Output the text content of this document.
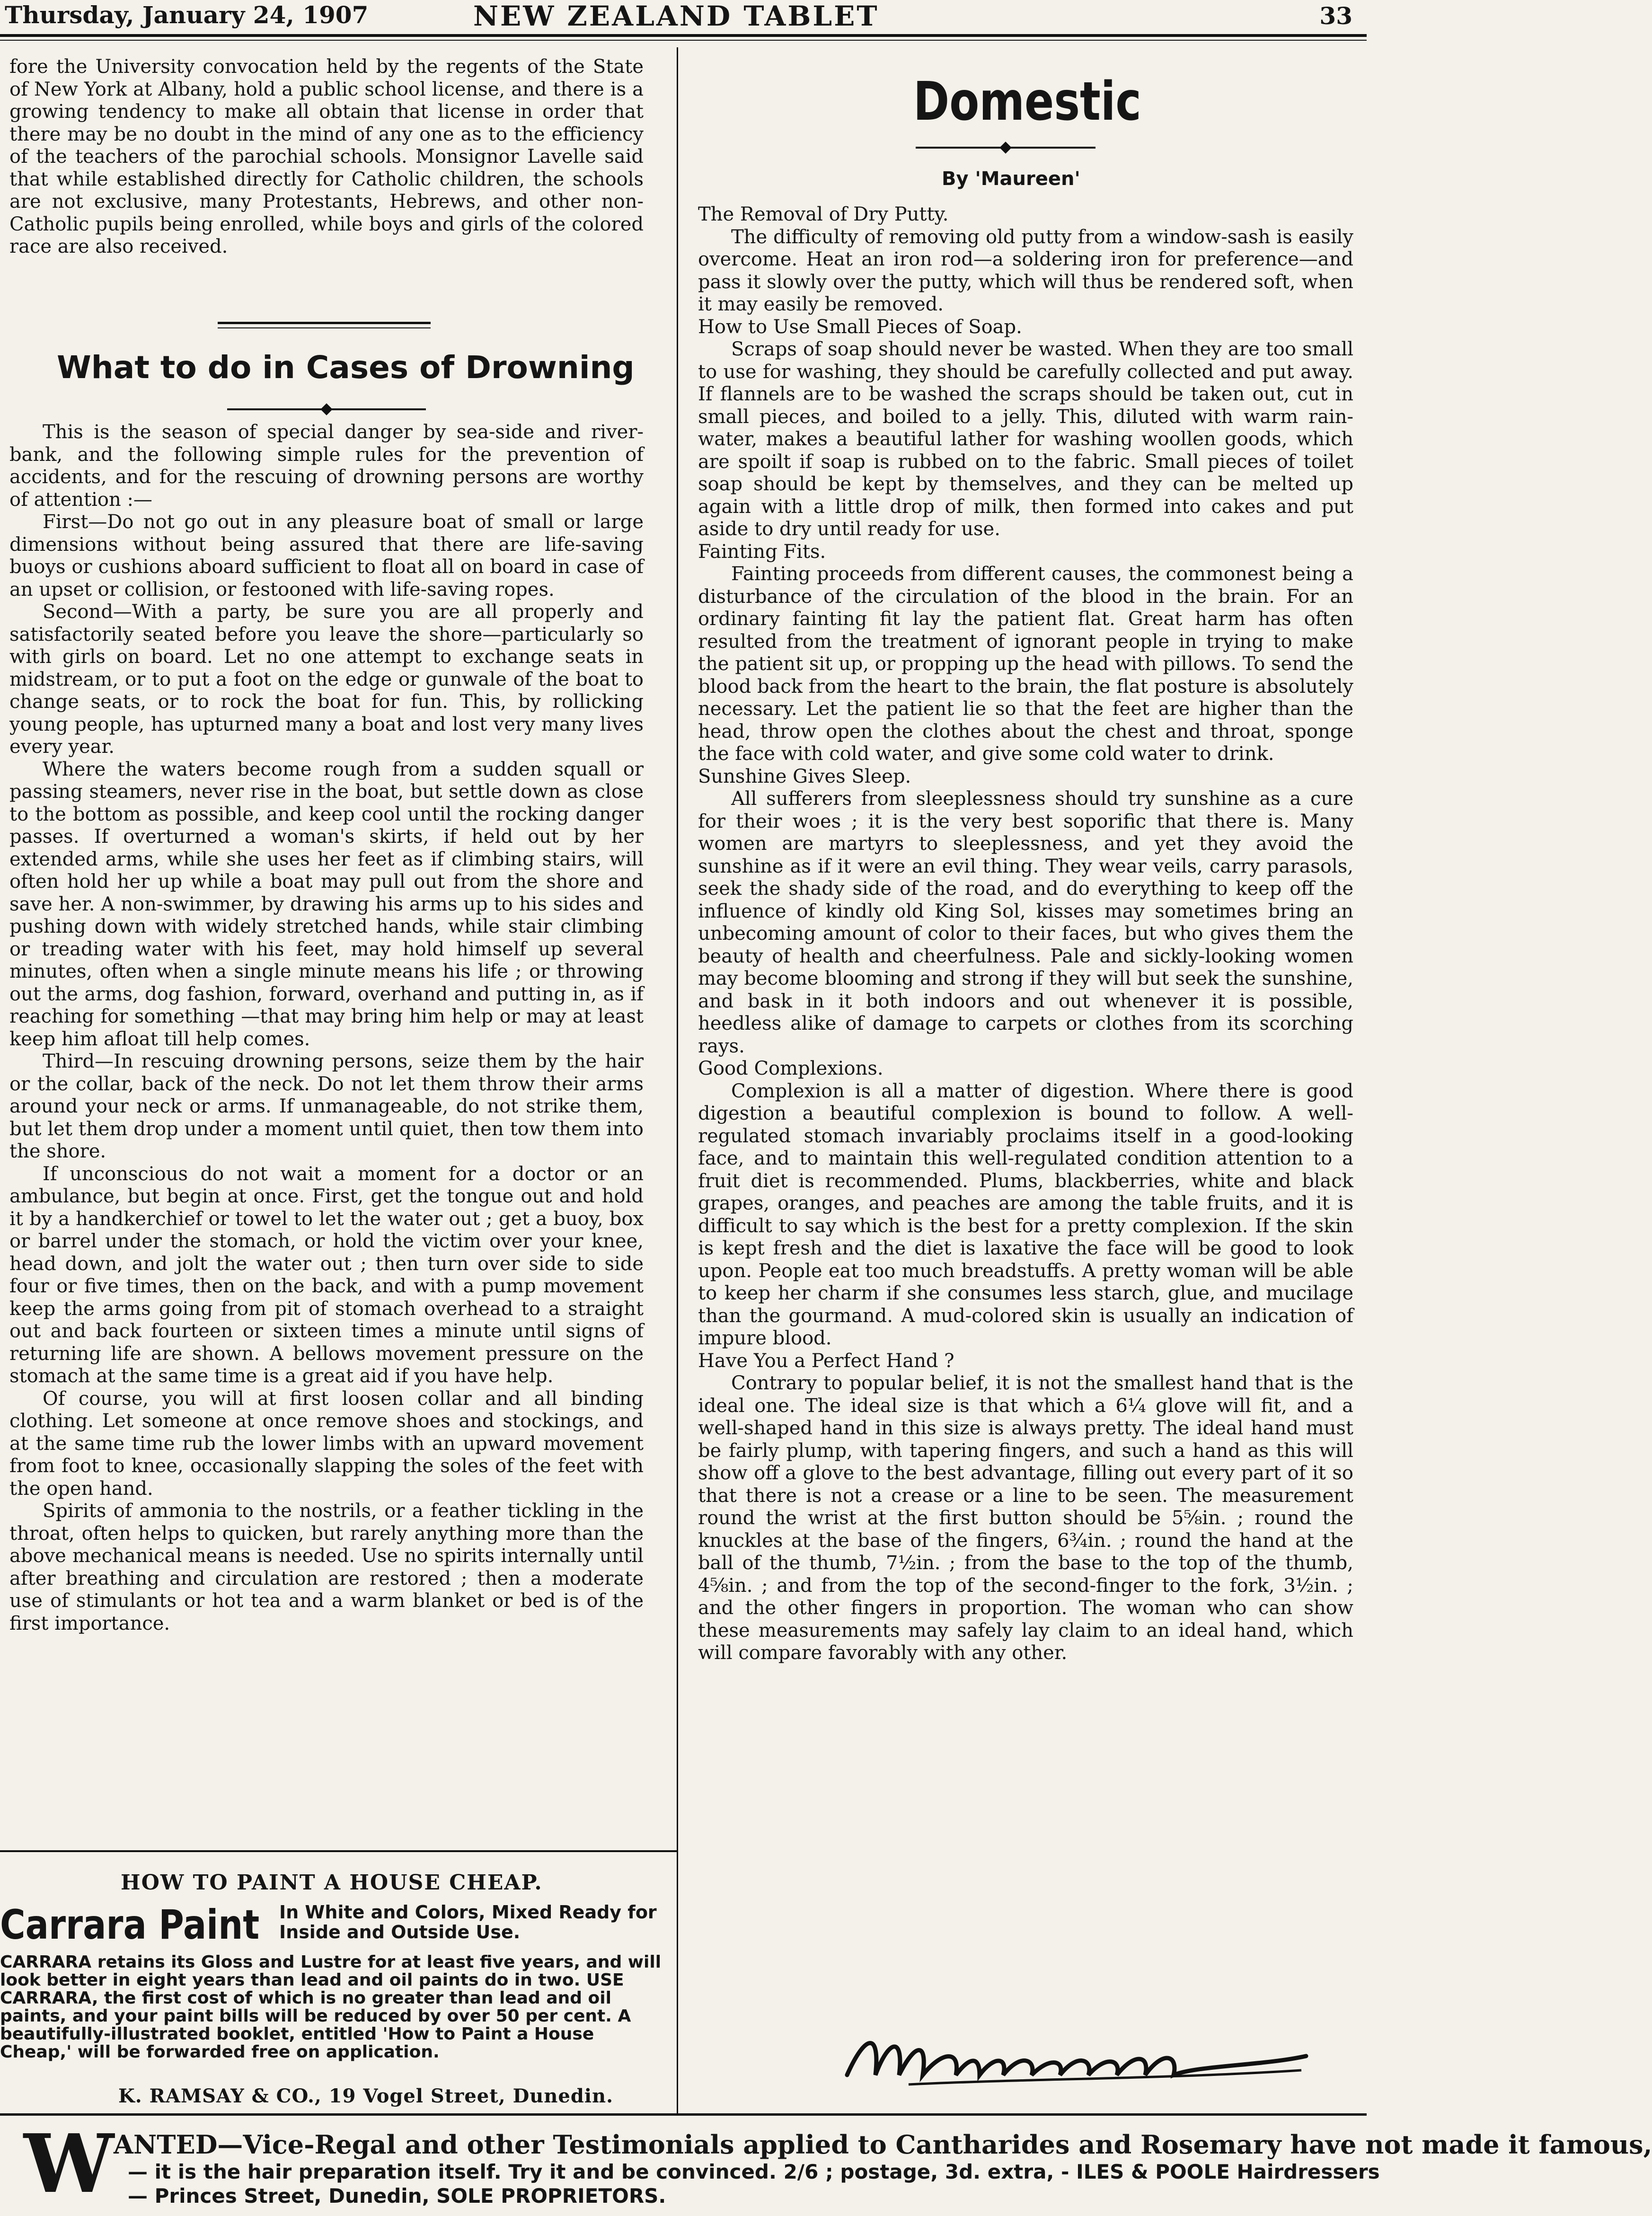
Thursday, January 24, 1907	NEW ZEALAND TABLET	33

fore the University convocation held by the regents of the State of New York at Albany, hold a public school license, and there is a growing tendency to make all obtain that license in order that there may be no doubt in the mind of any one as to the efficiency of the teachers of the parochial schools. Monsignor Lavelle said that while established directly for Catholic children, the schools are not exclusive, many Protestants, Hebrews, and other non-Catholic pupils being enrolled, while boys and girls of the colored race are also received.

What to do in Cases of Drowning

This is the season of special danger by sea-side and river-bank, and the following simple rules for the prevention of accidents, and for the rescuing of drowning persons are worthy of attention :—

First—Do not go out in any pleasure boat of small or large dimensions without being assured that there are life-saving buoys or cushions aboard sufficient to float all on board in case of an upset or collision, or festooned with life-saving ropes.

Second—With a party, be sure you are all properly and satisfactorily seated before you leave the shore—particularly so with girls on board. Let no one attempt to exchange seats in midstream, or to put a foot on the edge or gunwale of the boat to change seats, or to rock the boat for fun. This, by rollicking young people, has upturned many a boat and lost very many lives every year.

Where the waters become rough from a sudden squall or passing steamers, never rise in the boat, but settle down as close to the bottom as possible, and keep cool until the rocking danger passes. If overturned a woman's skirts, if held out by her extended arms, while she uses her feet as if climbing stairs, will often hold her up while a boat may pull out from the shore and save her. A non-swimmer, by drawing his arms up to his sides and pushing down with widely stretched hands, while stair climbing or treading water with his feet, may hold himself up several minutes, often when a single minute means his life ; or throwing out the arms, dog fashion, forward, overhand and putting in, as if reaching for something —that may bring him help or may at least keep him afloat till help comes.

Third—In rescuing drowning persons, seize them by the hair or the collar, back of the neck. Do not let them throw their arms around your neck or arms. If unmanageable, do not strike them, but let them drop under a moment until quiet, then tow them into the shore.

If unconscious do not wait a moment for a doctor or an ambulance, but begin at once. First, get the tongue out and hold it by a handkerchief or towel to let the water out ; get a buoy, box or barrel under the stomach, or hold the victim over your knee, head down, and jolt the water out ; then turn over side to side four or five times, then on the back, and with a pump movement keep the arms going from pit of stomach overhead to a straight out and back fourteen or sixteen times a minute until signs of returning life are shown. A bellows movement pressure on the stomach at the same time is a great aid if you have help.

Of course, you will at first loosen collar and all binding clothing. Let someone at once remove shoes and stockings, and at the same time rub the lower limbs with an upward movement from foot to knee, occasionally slapping the soles of the feet with the open hand.

Spirits of ammonia to the nostrils, or a feather tickling in the throat, often helps to quicken, but rarely anything more than the above mechanical means is needed. Use no spirits internally until after breathing and circulation are restored ; then a moderate use of stimulants or hot tea and a warm blanket or bed is of the first importance.

HOW TO PAINT A HOUSE CHEAP.
Carrara Paint In White and Colors, Mixed Ready for Inside and Outside Use.
CARRARA retains its Gloss and Lustre for at least five years, and will look better in eight years than lead and oil paints do in two. USE CARRARA, the first cost of which is no greater than lead and oil paints, and your paint bills will be reduced by over 50 per cent. A beautifully-illustrated booklet, entitled 'How to Paint a House Cheap,' will be forwarded free on application.
K. RAMSAY & CO., 19 Vogel Street, Dunedin.
Domestic
By 'Maureen'

The Removal of Dry Putty.

The difficulty of removing old putty from a window-sash is easily overcome. Heat an iron rod—a soldering iron for preference—and pass it slowly over the putty, which will thus be rendered soft, when it may easily be removed.

How to Use Small Pieces of Soap.

Scraps of soap should never be wasted. When they are too small to use for washing, they should be carefully collected and put away. If flannels are to be washed the scraps should be taken out, cut in small pieces, and boiled to a jelly. This, diluted with warm rain-water, makes a beautiful lather for washing woollen goods, which are spoilt if soap is rubbed on to the fabric. Small pieces of toilet soap should be kept by themselves, and they can be melted up again with a little drop of milk, then formed into cakes and put aside to dry until ready for use.

Fainting Fits.

Fainting proceeds from different causes, the commonest being a disturbance of the circulation of the blood in the brain. For an ordinary fainting fit lay the patient flat. Great harm has often resulted from the treatment of ignorant people in trying to make the patient sit up, or propping up the head with pillows. To send the blood back from the heart to the brain, the flat posture is absolutely necessary. Let the patient lie so that the feet are higher than the head, throw open the clothes about the chest and throat, sponge the face with cold water, and give some cold water to drink.

Sunshine Gives Sleep.

All sufferers from sleeplessness should try sunshine as a cure for their woes ; it is the very best soporific that there is. Many women are martyrs to sleeplessness, and yet they avoid the sunshine as if it were an evil thing. They wear veils, carry parasols, seek the shady side of the road, and do everything to keep off the influence of kindly old King Sol, kisses may sometimes bring an unbecoming amount of color to their faces, but who gives them the beauty of health and cheerfulness. Pale and sickly-looking women may become blooming and strong if they will but seek the sunshine, and bask in it both indoors and out whenever it is possible, heedless alike of damage to carpets or clothes from its scorching rays.

Good Complexions.

Complexion is all a matter of digestion. Where there is good digestion a beautiful complexion is bound to follow. A well-regulated stomach invariably proclaims itself in a good-looking face, and to maintain this well-regulated condition attention to a fruit diet is recommended. Plums, blackberries, white and black grapes, oranges, and peaches are among the table fruits, and it is difficult to say which is the best for a pretty complexion. If the skin is kept fresh and the diet is laxative the face will be good to look upon. People eat too much breadstuffs. A pretty woman will be able to keep her charm if she consumes less starch, glue, and mucilage than the gourmand. A mud-colored skin is usually an indication of impure blood.

Have You a Perfect Hand ?

Contrary to popular belief, it is not the smallest hand that is the ideal one. The ideal size is that which a 6¼ glove will fit, and a well-shaped hand in this size is always pretty. The ideal hand must be fairly plump, with tapering fingers, and such a hand as this will show off a glove to the best advantage, filling out every part of it so that there is not a crease or a line to be seen. The measurement round the wrist at the first button should be 5⅝in. ; round the knuckles at the base of the fingers, 6¾in. ; round the hand at the ball of the thumb, 7½in. ; from the base to the top of the thumb, 4⅝in. ; and from the top of the second-finger to the fork, 3½in. ; and the other fingers in proportion. The woman who can show these measurements may safely lay claim to an ideal hand, which will compare favorably with any other.

W ANTED—Vice-Regal and other Testimonials applied to Cantharides and Rosemary have not made it famous,
— it is the hair preparation itself. Try it and be convinced. 2/6 ; postage, 3d. extra, - ILES & POOLE Hairdressers
— Princes Street, Dunedin, SOLE PROPRIETORS.
